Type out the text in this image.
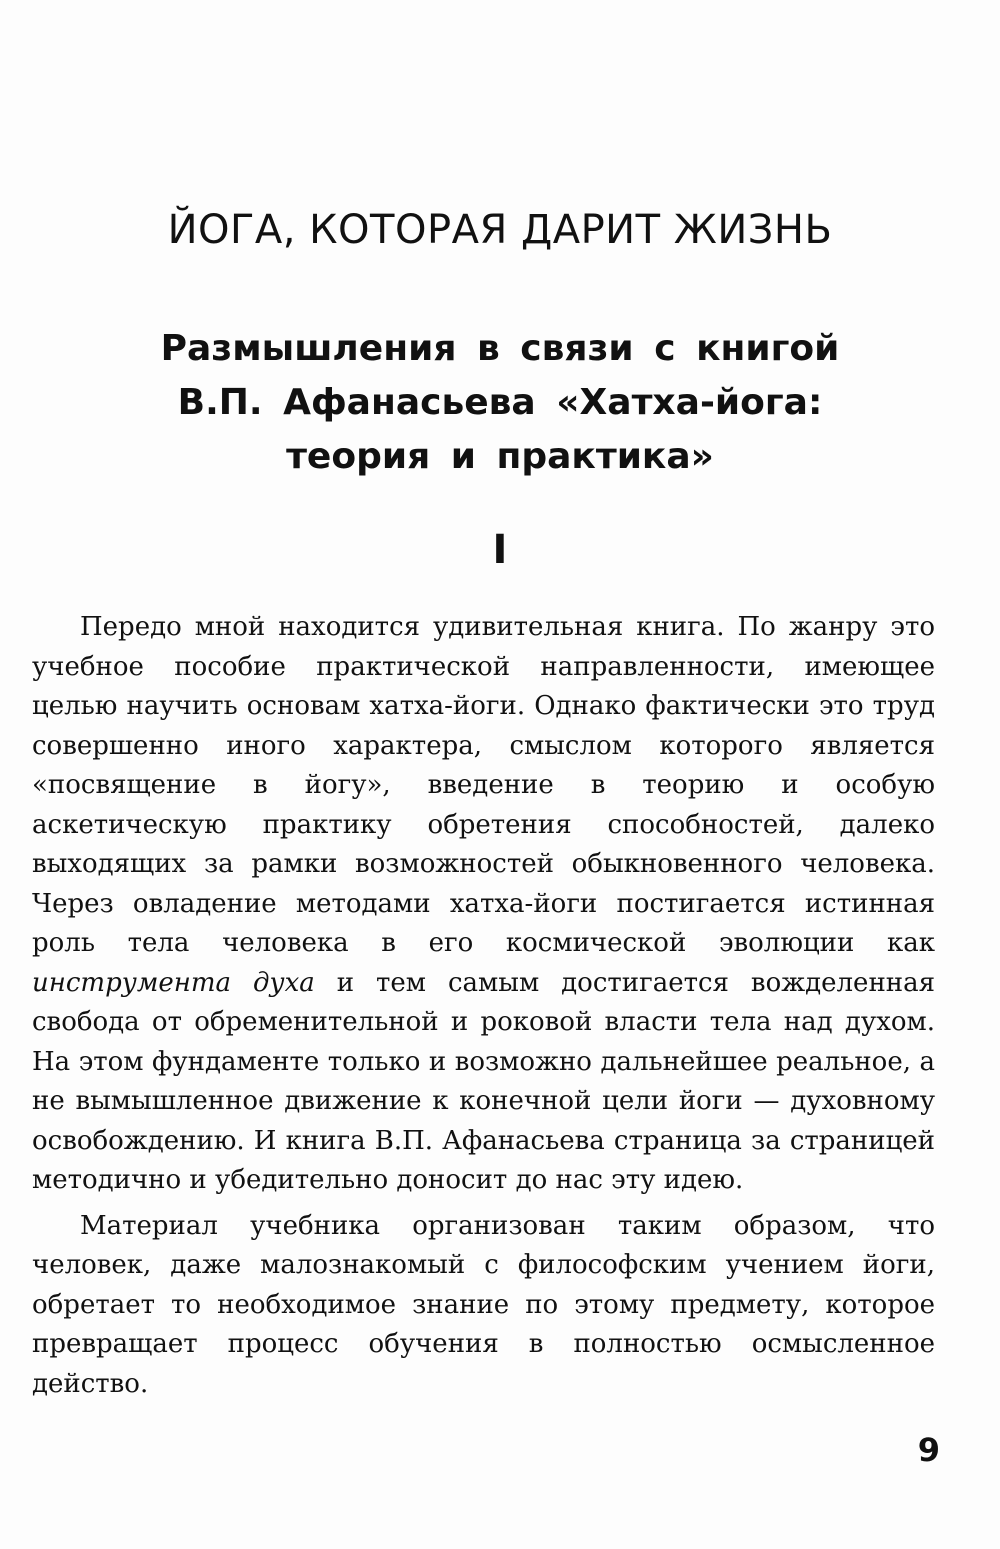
ЙОГА, КОТОРАЯ ДАРИТ ЖИЗНЬ
Размышления в связи с книгой
В.П. Афанасьева «Хатха-йога:
теория и практика»
I

Передо мной находится удивительная книга. По жанру это учебное пособие практической направленности, имеющее целью научить основам хатха-йоги. Однако фактически это труд совершенно иного характера, смыслом которого является «посвящение в йогу», введение в теорию и особую аскетическую практику обретения способностей, далеко выходящих за рамки возможностей обыкновенного человека. Через овладение методами хатха-йоги постигается истинная роль тела человека в его космической эволюции как инструмента духа и тем самым достигается вожделенная свобода от обременительной и роковой власти тела над духом. На этом фундаменте только и возможно дальнейшее реальное, а не вымышленное движение к конечной цели йоги — духовному освобождению. И книга В.П. Афанасьева страница за страницей методично и убедительно доносит до нас эту идею.

Материал учебника организован таким образом, что человек, даже малознакомый с философским учением йоги, обретает то необходимое знание по этому предмету, которое превращает процесс обучения в полностью осмысленное действо.

9
